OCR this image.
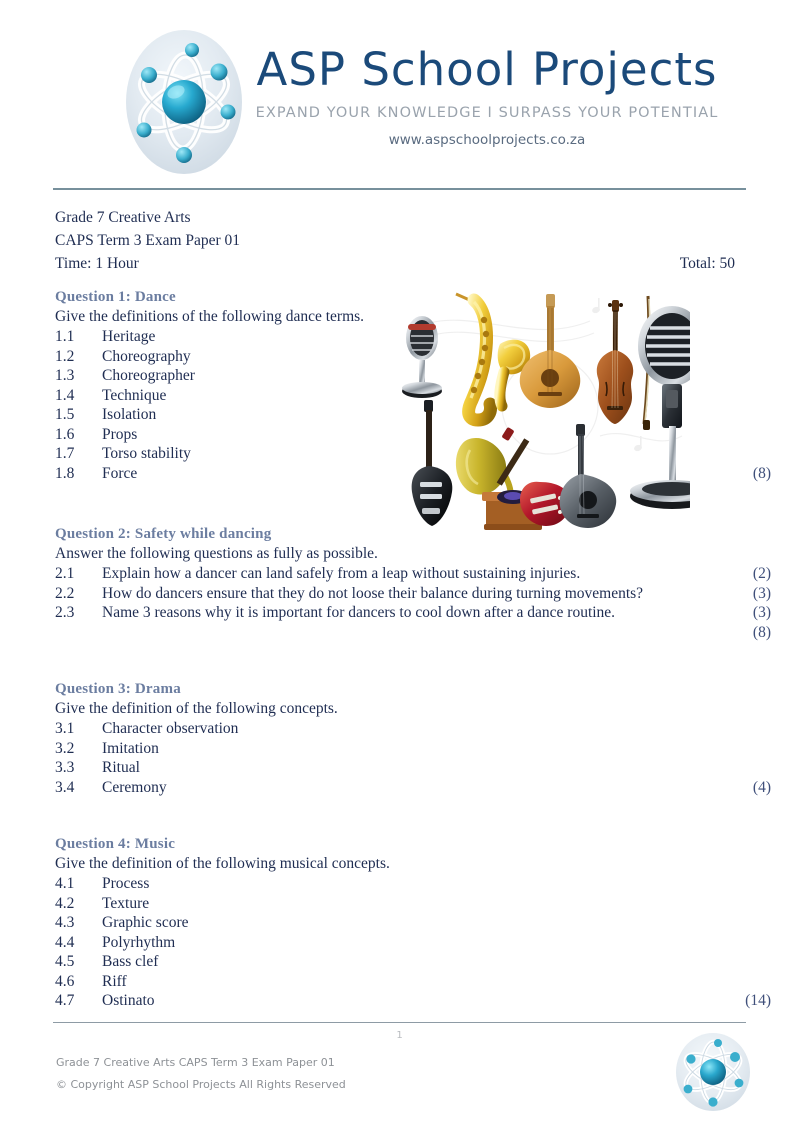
ASP School Projects
EXPAND YOUR KNOWLEDGE I SURPASS YOUR POTENTIAL
www.aspschoolprojects.co.za
Grade 7 Creative Arts
CAPS Term 3 Exam Paper 01
Time: 1 Hour	Total: 50
Question 1: Dance
Give the definitions of the following dance terms.
1.1	Heritage
1.2	Choreography
1.3	Choreographer
1.4	Technique
1.5	Isolation
1.6	Props
1.7	Torso stability
1.8	Force	(8)
Question 2: Safety while dancing
Answer the following questions as fully as possible.
2.1	Explain how a dancer can land safely from a leap without sustaining injuries.	(2)
2.2	How do dancers ensure that they do not loose their balance during turning movements?	(3)
2.3	Name 3 reasons why it is important for dancers to cool down after a dance routine.	(3)
(8)
Question 3: Drama
Give the definition of the following concepts.
3.1	Character observation
3.2	Imitation
3.3	Ritual
3.4	Ceremony	(4)
Question 4: Music
Give the definition of the following musical concepts.
4.1	Process
4.2	Texture
4.3	Graphic score
4.4	Polyrhythm
4.5	Bass clef
4.6	Riff
4.7	Ostinato	(14)
1
Grade 7 Creative Arts CAPS Term 3 Exam Paper 01
© Copyright ASP School Projects All Rights Reserved
